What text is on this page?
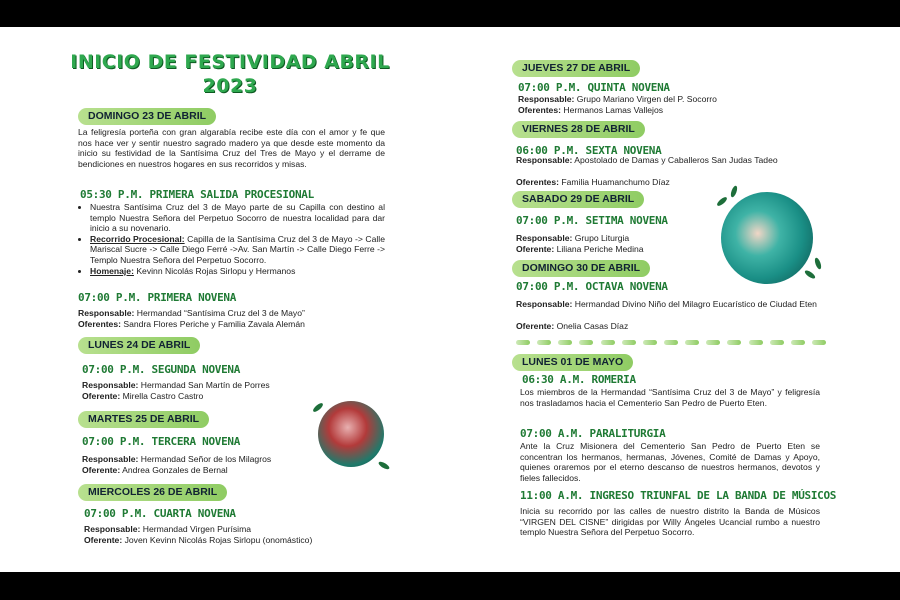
INICIO DE FESTIVIDAD ABRIL
2023
DOMINGO 23 DE ABRIL
La feligresía porteña con gran algarabía recibe este día con el amor y fe que nos hace ver y sentir nuestro sagrado madero ya que desde este momento da inicio su festividad de la Santísima Cruz del Tres de Mayo y el derrame de bendiciones en nuestros hogares en sus recorridos y misas.
05:30 P.M. PRIMERA SALIDA PROCESIONAL
• Nuestra Santísima Cruz del 3 de Mayo parte de su Capilla con destino al templo Nuestra Señora del Perpetuo Socorro de nuestra localidad para dar inicio a su novenario.
• Recorrido Procesional: Capilla de la Santísima Cruz del 3 de Mayo -> Calle Mariscal Sucre -> Calle Diego Ferré ->Av. San Martín -> Calle Diego Ferre -> Templo Nuestra Señora del Perpetuo Socorro.
• Homenaje: Kevinn Nicolás Rojas Sirlopu y Hermanos
07:00 P.M. PRIMERA NOVENA
Responsable: Hermandad “Santísima Cruz del 3 de Mayo”
Oferentes: Sandra Flores Periche y Familia Zavala Alemán
LUNES 24 DE ABRIL
07:00 P.M. SEGUNDA NOVENA
Responsable: Hermandad San Martín de Porres
Oferente: Mirella Castro Castro
MARTES 25 DE ABRIL
07:00 P.M. TERCERA NOVENA
Responsable: Hermandad Señor de los Milagros
Oferente: Andrea Gonzales de Bernal
MIERCOLES 26 DE ABRIL
07:00 P.M. CUARTA NOVENA
Responsable: Hermandad Virgen Purísima
Oferente: Joven Kevinn Nicolás Rojas Sirlopu (onomástico)
JUEVES 27 DE ABRIL
07:00 P.M. QUINTA NOVENA
Responsable: Grupo Mariano Virgen del P. Socorro
Oferentes: Hermanos Lamas Vallejos
VIERNES 28 DE ABRIL
06:00 P.M. SEXTA NOVENA
Responsable: Apostolado de Damas y Caballeros San Judas Tadeo
Oferentes: Familia Huamanchumo Díaz
SABADO 29 DE ABRIL
07:00 P.M. SETIMA NOVENA
Responsable: Grupo Liturgia
Oferente: Liliana Periche Medina
DOMINGO 30 DE ABRIL
07:00 P.M. OCTAVA NOVENA
Responsable: Hermandad Divino Niño del Milagro Eucarístico de Ciudad Eten
Oferente: Onelia Casas Díaz
LUNES 01 DE MAYO
06:30 A.M. ROMERIA
Los miembros de la Hermandad “Santísima Cruz del 3 de Mayo” y feligresía nos trasladamos hacia el Cementerio San Pedro de Puerto Eten.
07:00 A.M. PARALITURGIA
Ante la Cruz Misionera del Cementerio San Pedro de Puerto Eten se concentran los hermanos, hermanas, Jóvenes, Comité de Damas y Apoyo, quienes oraremos por el eterno descanso de nuestros hermanos, devotos y fieles fallecidos.
11:00 A.M. INGRESO TRIUNFAL DE LA BANDA DE MÚSICOS
Inicia su recorrido por las calles de nuestro distrito la Banda de Músicos “VIRGEN DEL CISNE” dirigidas por Willy Ángeles Ucancial rumbo a nuestro templo Nuestra Señora del Perpetuo Socorro.
